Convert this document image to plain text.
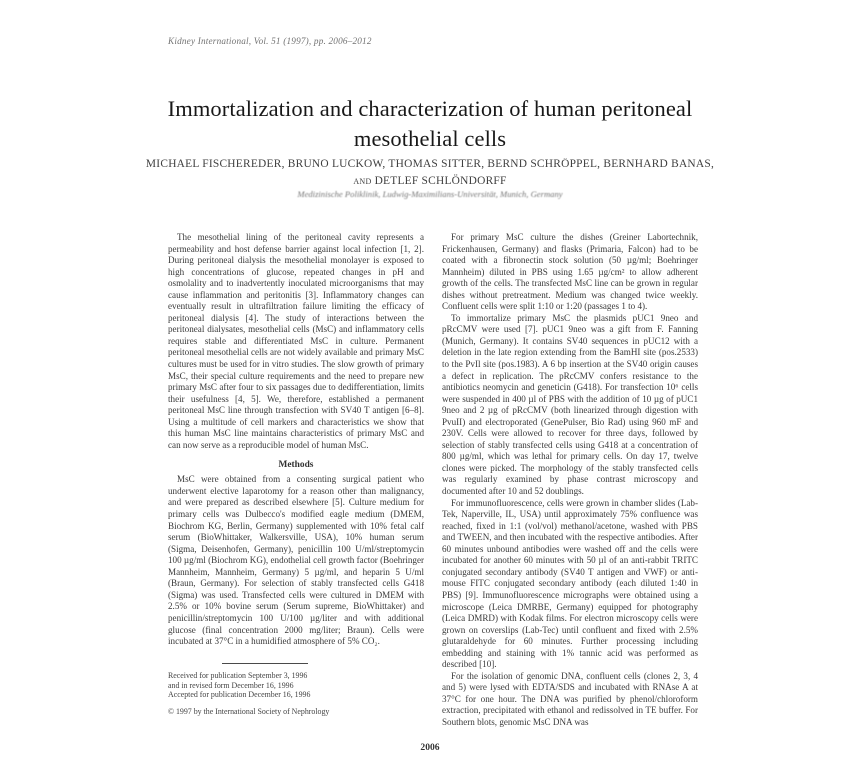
Kidney International, Vol. 51 (1997), pp. 2006–2012
Immortalization and characterization of human peritoneal mesothelial cells
MICHAEL FISCHEREDER, BRUNO LUCKOW, THOMAS SITTER, BERND SCHRÖPPEL, BERNHARD BANAS,
and DETLEF SCHLÖNDORFF
Medizinische Poliklinik, Ludwig-Maximilians-Universität, Munich, Germany

The mesothelial lining of the peritoneal cavity represents a permeability and host defense barrier against local infection [1, 2]. During peritoneal dialysis the mesothelial monolayer is exposed to high concentrations of glucose, repeated changes in pH and osmolality and to inadvertently inoculated microorganisms that may cause inflammation and peritonitis [3]. Inflammatory changes can eventually result in ultrafiltration failure limiting the efficacy of peritoneal dialysis [4]. The study of interactions between the peritoneal dialysates, mesothelial cells (MsC) and inflammatory cells requires stable and differentiated MsC in culture. Permanent peritoneal mesothelial cells are not widely available and primary MsC cultures must be used for in vitro studies. The slow growth of primary MsC, their special culture requirements and the need to prepare new primary MsC after four to six passages due to dedifferentiation, limits their usefulness [4, 5]. We, therefore, established a permanent peritoneal MsC line through transfection with SV40 T antigen [6–8]. Using a multitude of cell markers and characteristics we show that this human MsC line maintains characteristics of primary MsC and can now serve as a reproducible model of human MsC.

Methods

MsC were obtained from a consenting surgical patient who underwent elective laparotomy for a reason other than malignancy, and were prepared as described elsewhere [5]. Culture medium for primary cells was Dulbecco's modified eagle medium (DMEM, Biochrom KG, Berlin, Germany) supplemented with 10% fetal calf serum (BioWhittaker, Walkersville, USA), 10% human serum (Sigma, Deisenhofen, Germany), penicillin 100 U/ml/streptomycin 100 µg/ml (Biochrom KG), endothelial cell growth factor (Boehringer Mannheim, Mannheim, Germany) 5 µg/ml, and heparin 5 U/ml (Braun, Germany). For selection of stably transfected cells G418 (Sigma) was used. Transfected cells were cultured in DMEM with 2.5% or 10% bovine serum (Serum supreme, BioWhittaker) and penicillin/streptomycin 100 U/100 µg/liter and with additional glucose (final concentration 2000 mg/liter; Braun). Cells were incubated at 37°C in a humidified atmosphere of 5% CO₂.

For primary MsC culture the dishes (Greiner Labortechnik, Frickenhausen, Germany) and flasks (Primaria, Falcon) had to be coated with a fibronectin stock solution (50 µg/ml; Boehringer Mannheim) diluted in PBS using 1.65 µg/cm² to allow adherent growth of the cells. The transfected MsC line can be grown in regular dishes without pretreatment. Medium was changed twice weekly. Confluent cells were split 1:10 or 1:20 (passages 1 to 4).

To immortalize primary MsC the plasmids pUC1 9neo and pRcCMV were used [7]. pUC1 9neo was a gift from F. Fanning (Munich, Germany). It contains SV40 sequences in pUC12 with a deletion in the late region extending from the BamHI site (pos.2533) to the PvIl site (pos.1983). A 6 bp insertion at the SV40 origin causes a defect in replication. The pRcCMV confers resistance to the antibiotics neomycin and geneticin (G418). For transfection 10⁶ cells were suspended in 400 µl of PBS with the addition of 10 µg of pUC1 9neo and 2 µg of pRcCMV (both linearized through digestion with PvuII) and electroporated (GenePulser, Bio Rad) using 960 mF and 230V. Cells were allowed to recover for three days, followed by selection of stably transfected cells using G418 at a concentration of 800 µg/ml, which was lethal for primary cells. On day 17, twelve clones were picked. The morphology of the stably transfected cells was regularly examined by phase contrast microscopy and documented after 10 and 52 doublings.

For immunofluorescence, cells were grown in chamber slides (Lab-Tek, Naperville, IL, USA) until approximately 75% confluence was reached, fixed in 1:1 (vol/vol) methanol/acetone, washed with PBS and TWEEN, and then incubated with the respective antibodies. After 60 minutes unbound antibodies were washed off and the cells were incubated for another 60 minutes with 50 µl of an anti-rabbit TRITC conjugated secondary antibody (SV40 T antigen and VWF) or anti-mouse FITC conjugated secondary antibody (each diluted 1:40 in PBS) [9]. Immunofluorescence micrographs were obtained using a microscope (Leica DMRBE, Germany) equipped for photography (Leica DMRD) with Kodak films. For electron microscopy cells were grown on coverslips (Lab-Tec) until confluent and fixed with 2.5% glutaraldehyde for 60 minutes. Further processing including embedding and staining with 1% tannic acid was performed as described [10].

For the isolation of genomic DNA, confluent cells (clones 2, 3, 4 and 5) were lysed with EDTA/SDS and incubated with RNAse A at 37°C for one hour. The DNA was purified by phenol/chloroform extraction, precipitated with ethanol and redissolved in TE buffer. For Southern blots, genomic MsC DNA was

Received for publication September 3, 1996
and in revised form December 16, 1996
Accepted for publication December 16, 1996
© 1997 by the International Society of Nephrology
2006
